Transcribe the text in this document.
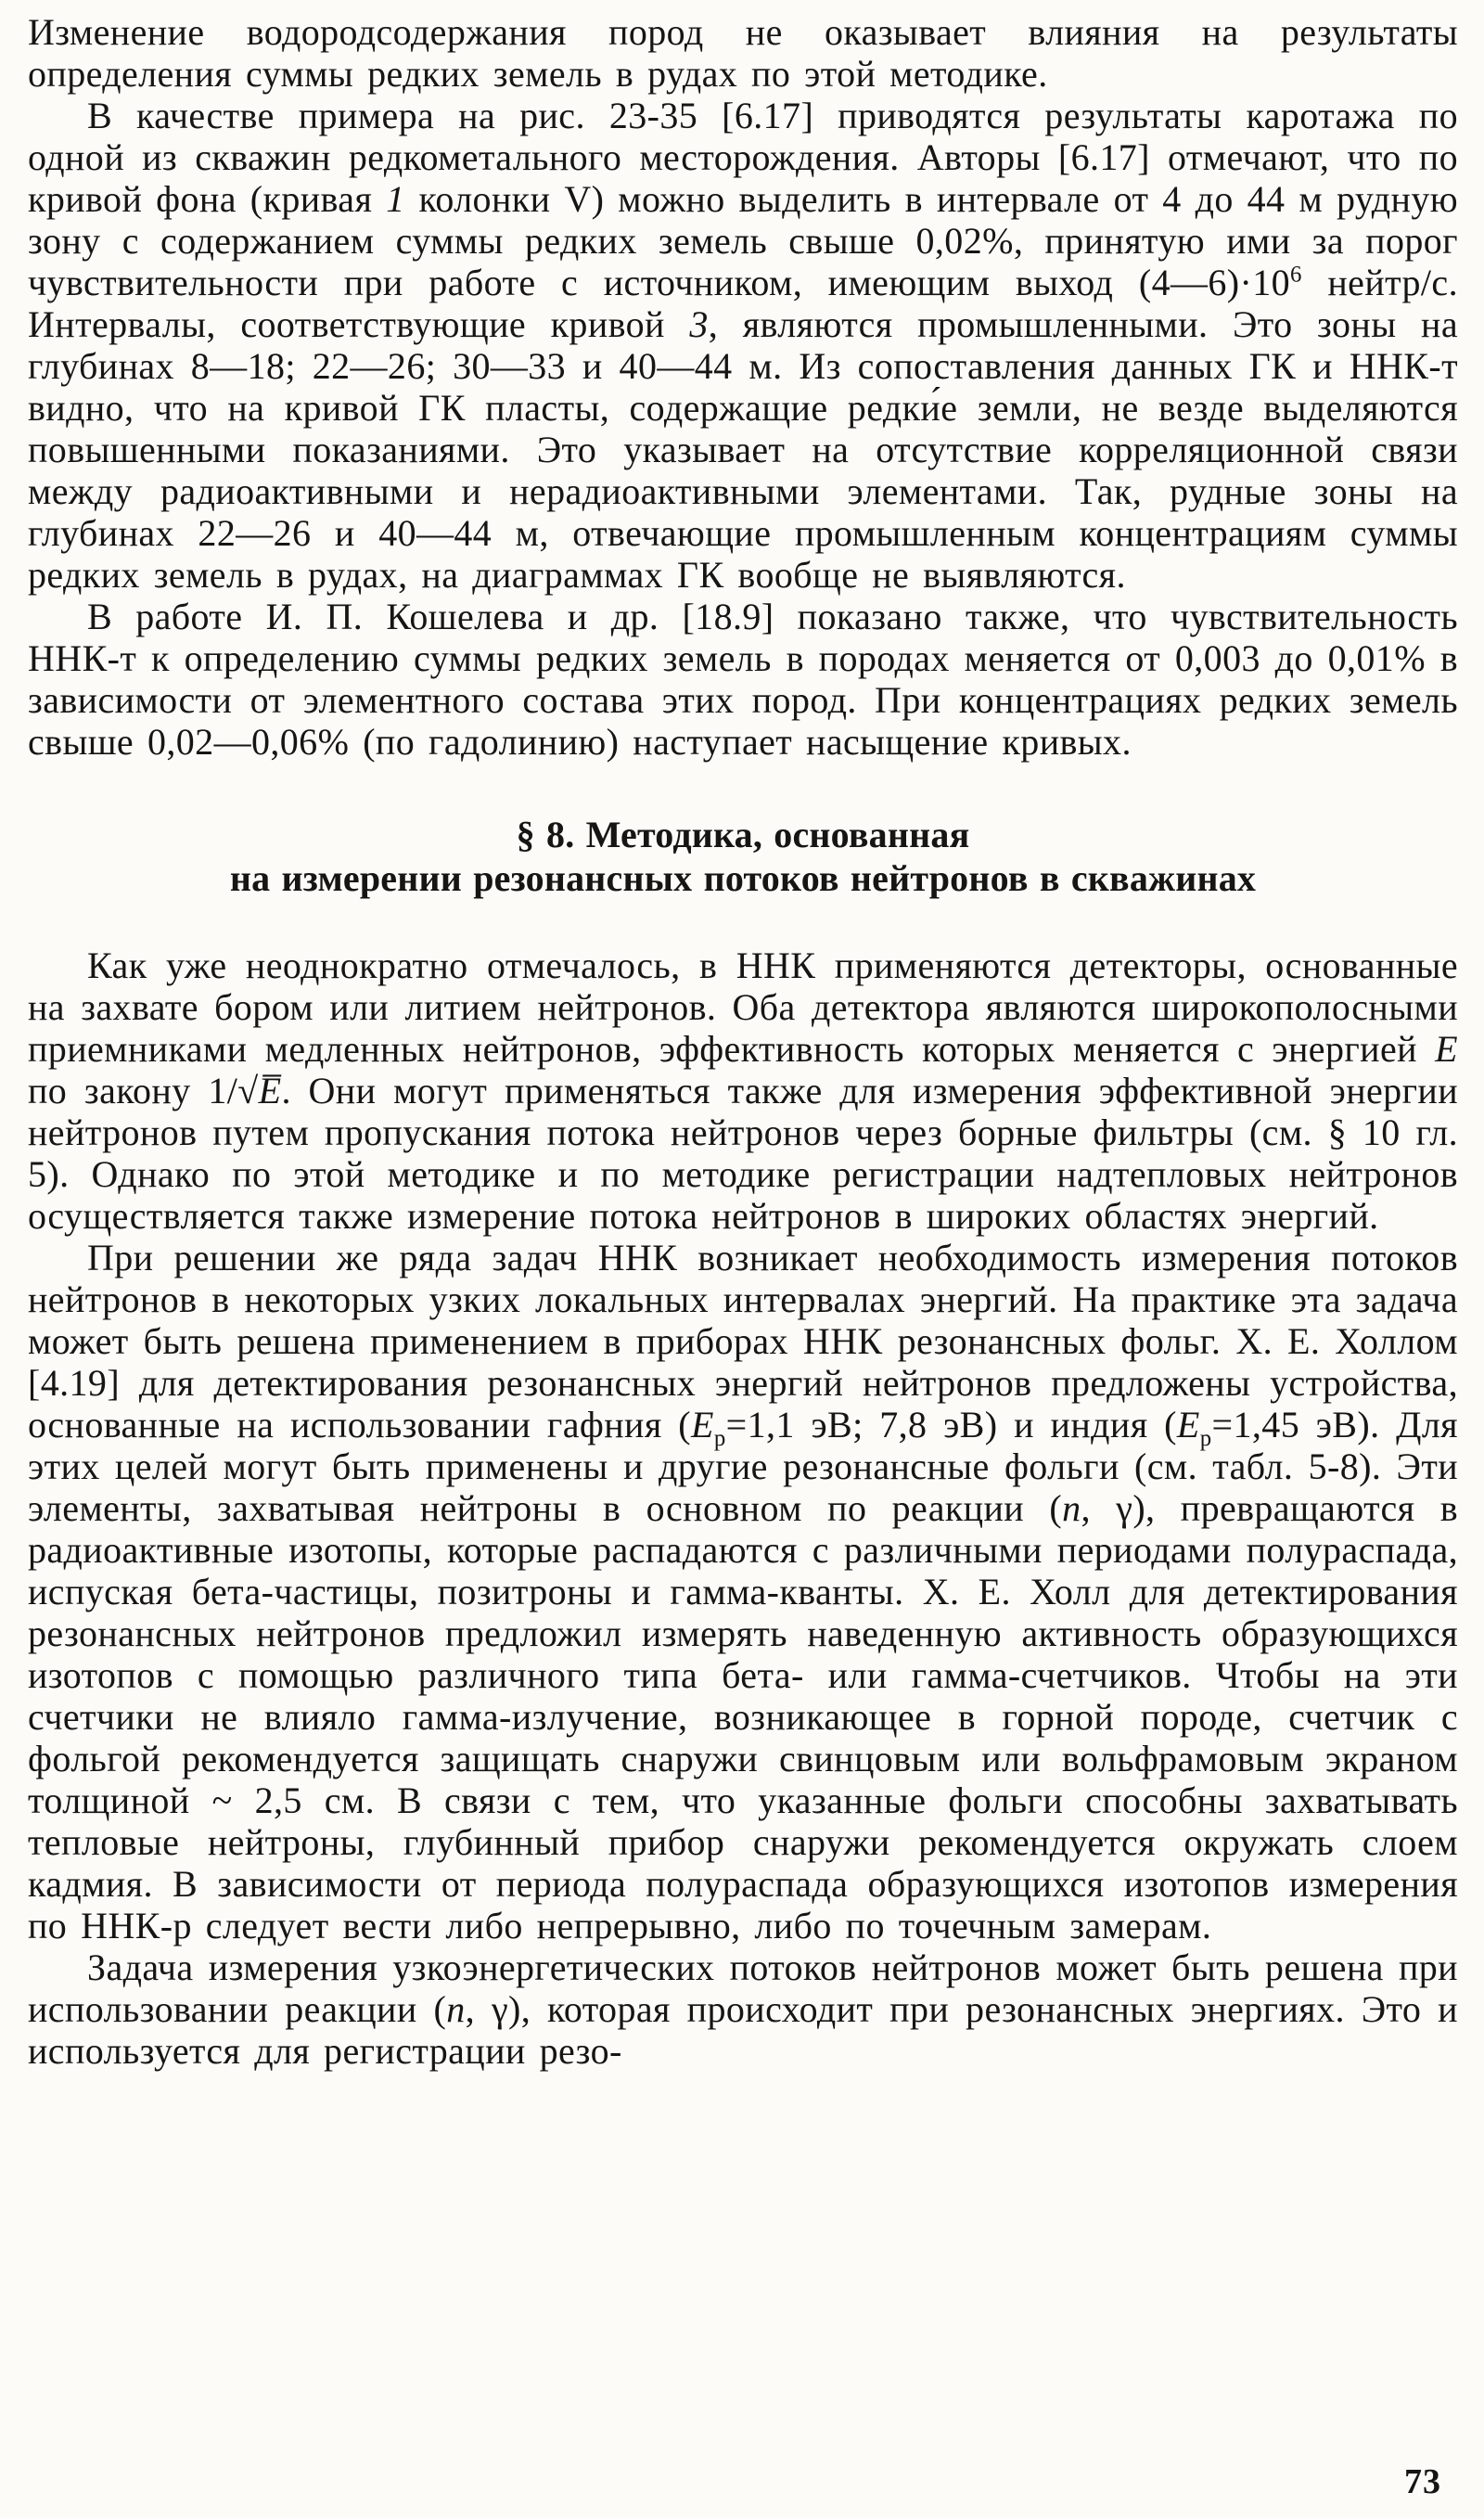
Изменение водородсодержания пород не оказывает влияния на результаты определения суммы редких земель в рудах по этой методике.

В качестве примера на рис. 23-35 [6.17] приводятся результаты каротажа по одной из скважин редкометального месторождения. Авторы [6.17] отмечают, что по кривой фона (кривая 1 колонки V) можно выделить в интервале от 4 до 44 м рудную зону с содержанием суммы редких земель свыше 0,02%, принятую ими за порог чувствительности при работе с источником, имеющим выход $(4—6)\cdot 10^6$ нейтр/с. Интервалы, соответствующие кривой 3, являются промышленными. Это зоны на глубинах 8—18; 22—26; 30—33 и 40—44 м. Из сопоставления данных ГК и ННК-т видно, что на кривой ГК пласты, содержащие редки́е земли, не везде выделяются повышенными показаниями. Это указывает на отсутствие корреляционной связи между радиоактивными и нерадиоактивными элементами. Так, рудные зоны на глубинах 22—26 и 40—44 м, отвечающие промышленным концентрациям суммы редких земель в рудах, на диаграммах ГК вообще не выявляются.

В работе И. П. Кошелева и др. [18.9] показано также, что чувствительность ННК-т к определению суммы редких земель в породах меняется от 0,003 до 0,01% в зависимости от элементного состава этих пород. При концентрациях редких земель свыше 0,02—0,06% (по гадолинию) наступает насыщение кривых.

§ 8. Методика, основанная
на измерении резонансных потоков нейтронов в скважинах

Как уже неоднократно отмечалось, в ННК применяются детекторы, основанные на захвате бором или литием нейтронов. Оба детектора являются широкополосными приемниками медленных нейтронов, эффективность которых меняется с энергией E по закону 1/√E̅. Они могут применяться также для измерения эффективной энергии нейтронов путем пропускания потока нейтронов через борные фильтры (см. § 10 гл. 5). Однако по этой методике и по методике регистрации надтепловых нейтронов осуществляется также измерение потока нейтронов в широких областях энергий.

При решении же ряда задач ННК возникает необходимость измерения потоков нейтронов в некоторых узких локальных интервалах энергий. На практике эта задача может быть решена применением в приборах ННК резонансных фольг. Х. Е. Холлом [4.19] для детектирования резонансных энергий нейтронов предложены устройства, основанные на использовании гафния ($E_р=1,1$ эВ; 7,8 эВ) и индия ($E_р=1,45$ эВ). Для этих целей могут быть применены и другие резонансные фольги (см. табл. 5-8). Эти элементы, захватывая нейтроны в основном по реакции (n, γ), превращаются в радиоактивные изотопы, которые распадаются с различными периодами полураспада, испуская бета-частицы, позитроны и гамма-кванты. Х. Е. Холл для детектирования резонансных нейтронов предложил измерять наведенную активность образующихся изотопов с помощью различного типа бета- или гамма-счетчиков. Чтобы на эти счетчики не влияло гамма-излучение, возникающее в горной породе, счетчик с фольгой рекомендуется защищать снаружи свинцовым или вольфрамовым экраном толщиной ~ 2,5 см. В связи с тем, что указанные фольги способны захватывать тепловые нейтроны, глубинный прибор снаружи рекомендуется окружать слоем кадмия. В зависимости от периода полураспада образующихся изотопов измерения по ННК-р следует вести либо непрерывно, либо по точечным замерам.

Задача измерения узкоэнергетических потоков нейтронов может быть решена при использовании реакции (n, γ), которая происходит при резонансных энергиях. Это и используется для регистрации резо-

73
